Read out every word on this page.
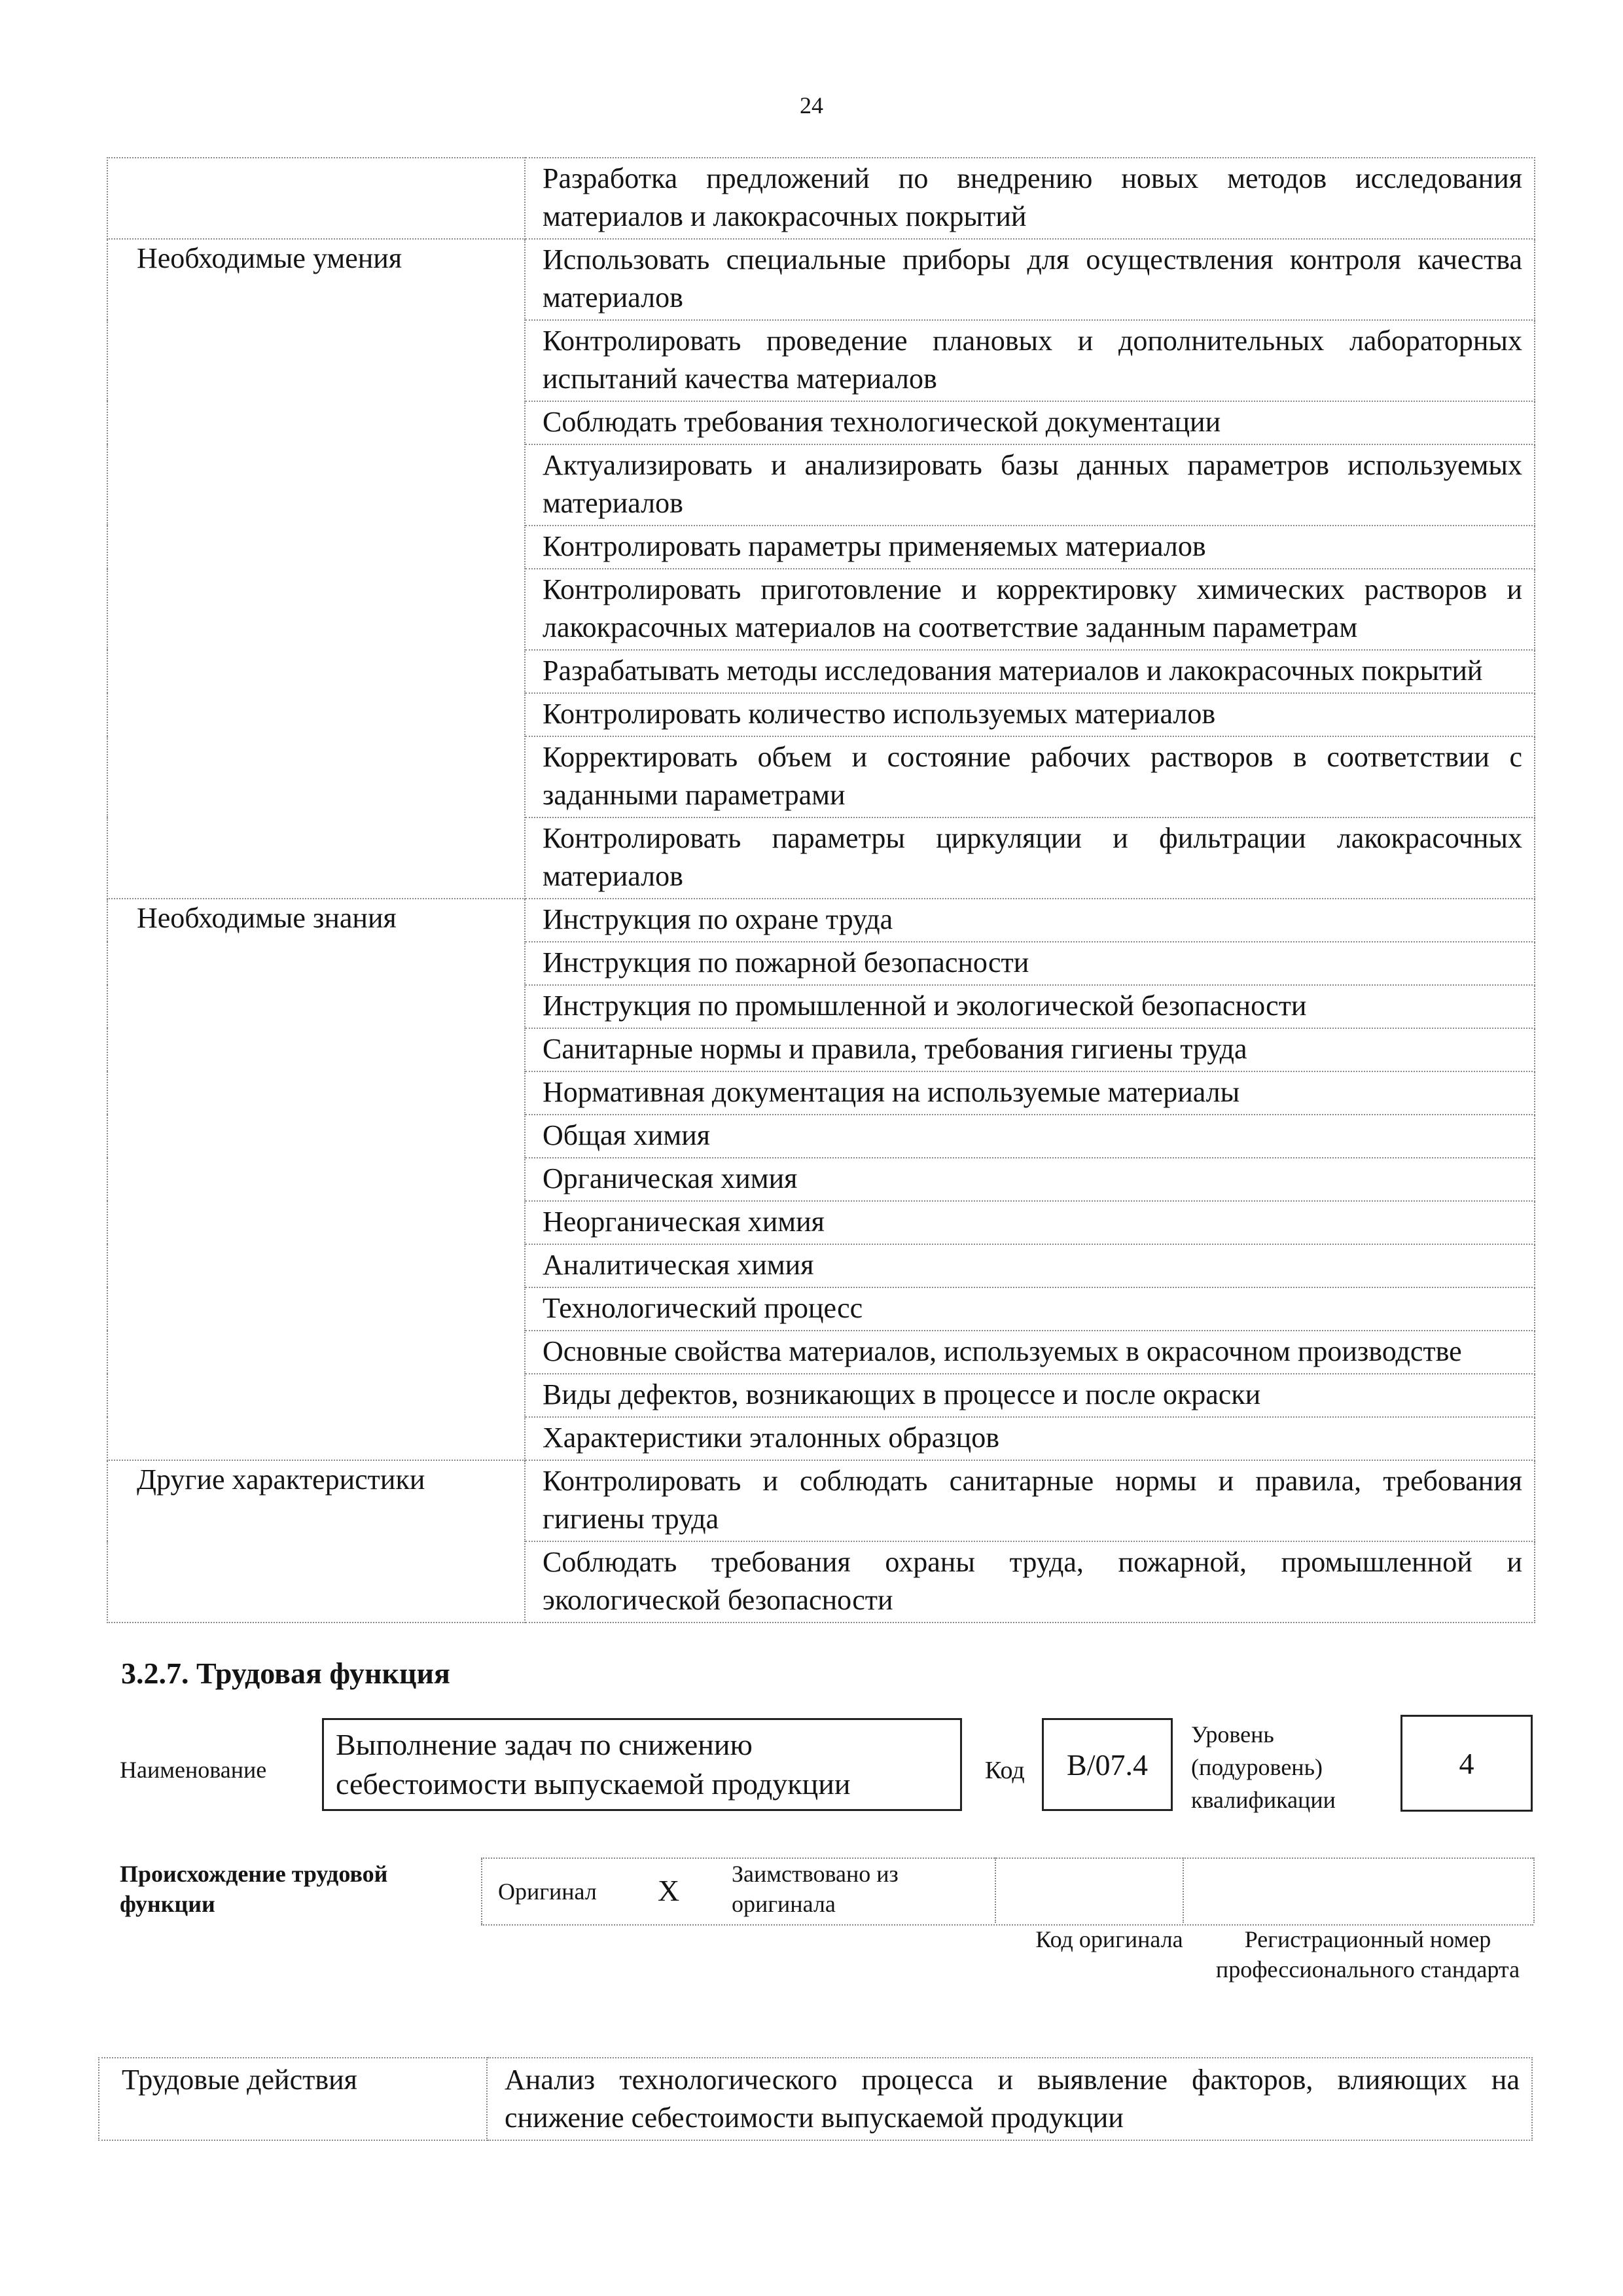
24
	Разработка предложений по внедрению новых методов исследования материалов и лакокрасочных покрытий
Необходимые умения	Использовать специальные приборы для осуществления контроля качества материалов
	Контролировать проведение плановых и дополнительных лабораторных испытаний качества материалов
	Соблюдать требования технологической документации
	Актуализировать и анализировать базы данных параметров используемых материалов
	Контролировать параметры применяемых материалов
	Контролировать приготовление и корректировку химических растворов и лакокрасочных материалов на соответствие заданным параметрам
	Разрабатывать методы исследования материалов и лакокрасочных покрытий
	Контролировать количество используемых материалов
	Корректировать объем и состояние рабочих растворов в соответствии с заданными параметрами
	Контролировать параметры циркуляции и фильтрации лакокрасочных материалов
Необходимые знания	Инструкция по охране труда
	Инструкция по пожарной безопасности
	Инструкция по промышленной и экологической безопасности
	Санитарные нормы и правила, требования гигиены труда
	Нормативная документация на используемые материалы
	Общая химия
	Органическая химия
	Неорганическая химия
	Аналитическая химия
	Технологический процесс
	Основные свойства материалов, используемых в окрасочном производстве
	Виды дефектов, возникающих в процессе и после окраски
	Характеристики эталонных образцов
Другие характеристики	Контролировать и соблюдать санитарные нормы и правила, требования гигиены труда
	Соблюдать требования охраны труда, пожарной, промышленной и экологической безопасности
3.2.7. Трудовая функция
Наименование
Выполнение задач по снижению себестоимости выпускаемой продукции	Код	B/07.4
Уровень (подуровень) квалификации
4
Происхождение трудовой функции	Оригинал X Заимствовано из оригинала
Код оригинала	Регистрационный номер профессионального стандарта
Трудовые действия	Анализ технологического процесса и выявление факторов, влияющих на снижение себестоимости выпускаемой продукции
